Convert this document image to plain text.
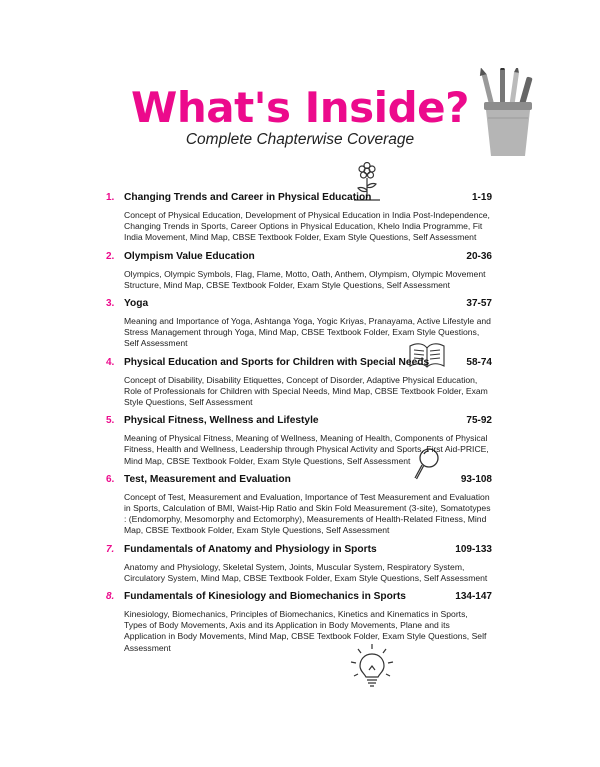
What's Inside?

Complete Chapterwise Coverage

1. Changing Trends and Career in Physical Education	1-19
Concept of Physical Education, Development of Physical Education in India Post-Independence, Changing Trends in Sports, Career Options in Physical Education, Khelo India Programme, Fit India Movement, Mind Map, CBSE Textbook Folder, Exam Style Questions, Self Assessment
2. Olympism Value Education	20-36
Olympics, Olympic Symbols, Flag, Flame, Motto, Oath, Anthem, Olympism, Olympic Movement Structure, Mind Map, CBSE Textbook Folder, Exam Style Questions, Self Assessment
3. Yoga	37-57
Meaning and Importance of Yoga, Ashtanga Yoga, Yogic Kriyas, Pranayama, Active Lifestyle and Stress Management through Yoga, Mind Map, CBSE Textbook Folder, Exam Style Questions, Self Assessment
4. Physical Education and Sports for Children with Special Needs	58-74
Concept of Disability, Disability Etiquettes, Concept of Disorder, Adaptive Physical Education, Role of Professionals for Children with Special Needs, Mind Map, CBSE Textbook Folder, Exam Style Questions, Self Assessment
5. Physical Fitness, Wellness and Lifestyle	75-92
Meaning of Physical Fitness, Meaning of Wellness, Meaning of Health, Components of Physical Fitness, Health and Wellness, Leadership through Physical Activity and Sports, First Aid-PRICE, Mind Map, CBSE Textbook Folder, Exam Style Questions, Self Assessment
6. Test, Measurement and Evaluation	93-108
Concept of Test, Measurement and Evaluation, Importance of Test Measurement and Evaluation in Sports, Calculation of BMI, Waist-Hip Ratio and Skin Fold Measurement (3-site), Somatotypes : (Endomorphy, Mesomorphy and Ectomorphy), Measurements of Health-Related Fitness, Mind Map, CBSE Textbook Folder, Exam Style Questions, Self Assessment
7. Fundamentals of Anatomy and Physiology in Sports	109-133
Anatomy and Physiology, Skeletal System, Joints, Muscular System, Respiratory System, Circulatory System, Mind Map, CBSE Textbook Folder, Exam Style Questions, Self Assessment
8. Fundamentals of Kinesiology and Biomechanics in Sports	134-147
Kinesiology, Biomechanics, Principles of Biomechanics, Kinetics and Kinematics in Sports, Types of Body Movements, Axis and its Application in Body Movements, Plane and its Application in Body Movements, Mind Map, CBSE Textbook Folder, Exam Style Questions, Self Assessment
